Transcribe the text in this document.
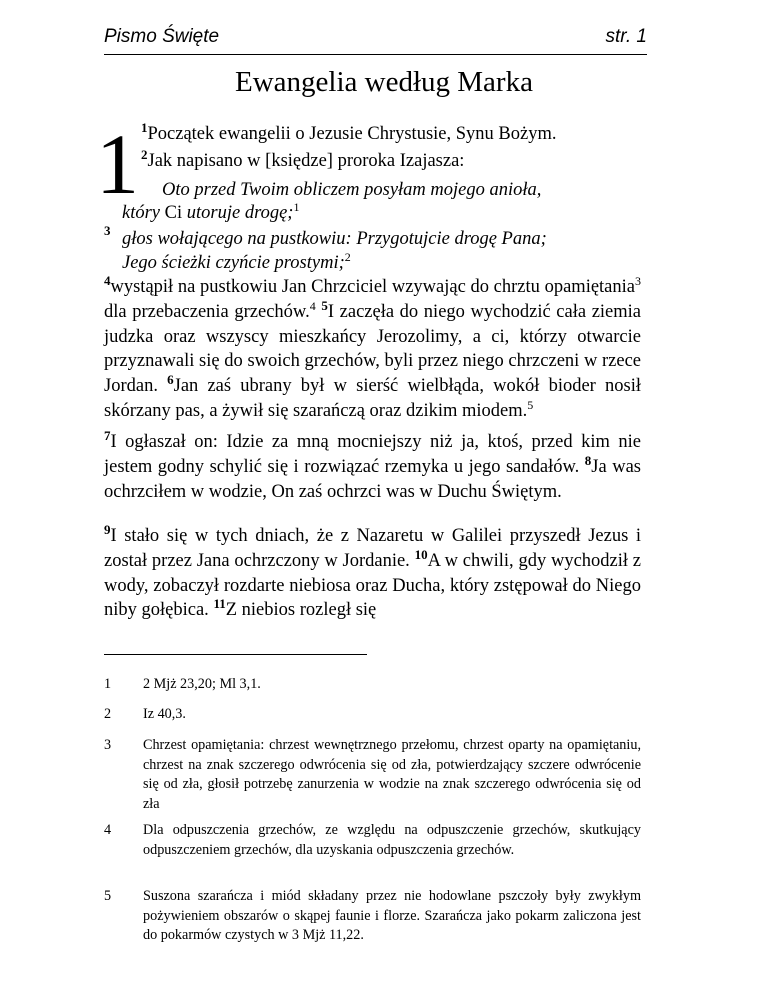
Pismo Święte	str. 1
Ewangelia według Marka
1 $^1$Początek ewangelii o Jezusie Chrystusie, Synu Bożym.
$^2$Jak napisano w [księdze] proroka Izajasza:
Oto przed Twoim obliczem posyłam mojego anioła,
który Ci utoruje drogę;$^1$
$^3$ głos wołającego na pustkowiu: Przygotujcie drogę Pana;
Jego ścieżki czyńcie prostymi;$^2$

$^4$wystąpił na pustkowiu Jan Chrzciciel wzywając do chrztu opamiętania$^3$ dla przebaczenia grzechów.$^4$ $^5$I zaczęła do niego wychodzić cała ziemia judzka oraz wszyscy mieszkańcy Jerozolimy, a ci, którzy otwarcie przyznawali się do swoich grzechów, byli przez niego chrzczeni w rzece Jordan. $^6$Jan zaś ubrany był w sierść wielbłąda, wokół bioder nosił skórzany pas, a żywił się szarańczą oraz dzikim miodem.$^5$

$^7$I ogłaszał on: Idzie za mną mocniejszy niż ja, ktoś, przed kim nie jestem godny schylić się i rozwiązać rzemyka u jego sandałów. $^8$Ja was ochrzciłem w wodzie, On zaś ochrzci was w Duchu Świętym.

$^9$I stało się w tych dniach, że z Nazaretu w Galilei przyszedł Jezus i został przez Jana ochrzczony w Jordanie. $^{10}$A w chwili, gdy wychodził z wody, zobaczył rozdarte niebiosa oraz Ducha, który zstępował do Niego niby gołębica. $^{11}$Z niebios rozległ się

1 2 Mjż 23,20; Ml 3,1.
2 Iz 40,3.
3 Chrzest opamiętania: chrzest wewnętrznego przełomu, chrzest oparty na opamiętaniu, chrzest na znak szczerego odwrócenia się od zła, potwierdzający szczere odwrócenie się od zła, głosił potrzebę zanurzenia w wodzie na znak szczerego odwrócenia się od zła
4 Dla odpuszczenia grzechów, ze względu na odpuszczenie grzechów, skutkujący odpuszczeniem grzechów, dla uzyskania odpuszczenia grzechów.
5 Suszona szarańcza i miód składany przez nie hodowlane pszczoły były zwykłym pożywieniem obszarów o skąpej faunie i florze. Szarańcza jako pokarm zaliczona jest do pokarmów czystych w 3 Mjż 11,22.
